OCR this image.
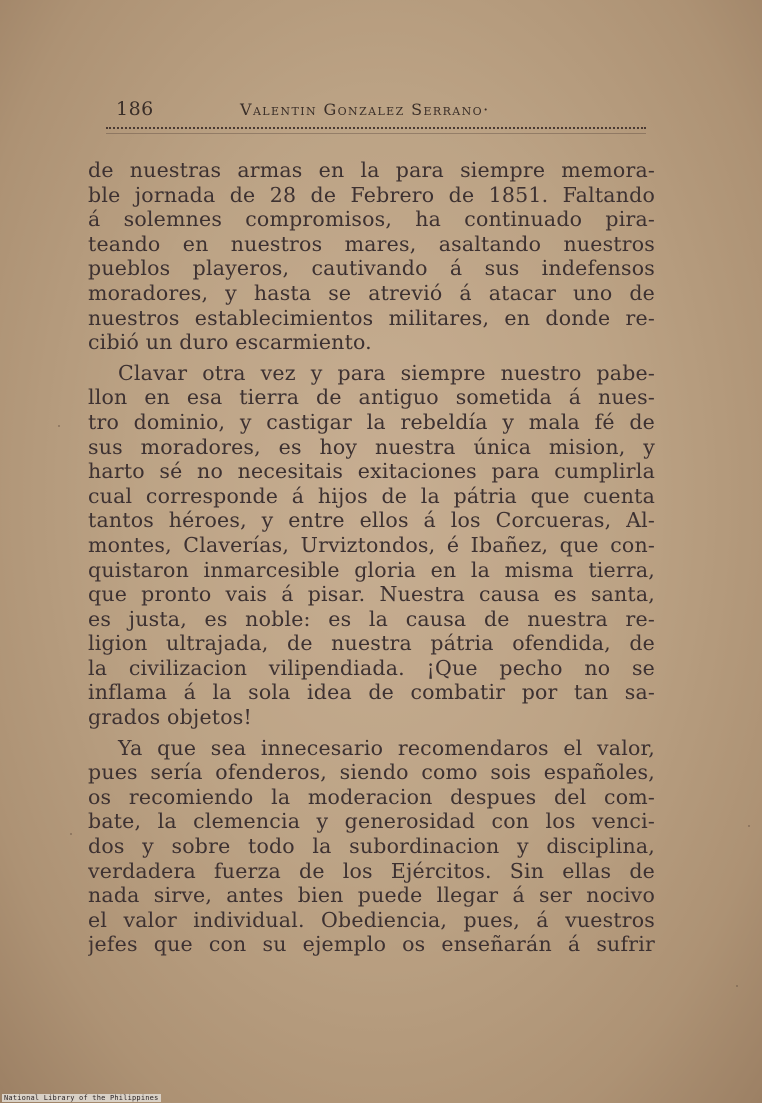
186	Valentin Gonzalez Serrano·
de nuestras armas en la para siempre memora-
ble jornada de 28 de Febrero de 1851. Faltando
á solemnes compromisos, ha continuado pira-
teando en nuestros mares, asaltando nuestros
pueblos playeros, cautivando á sus indefensos
moradores, y hasta se atrevió á atacar uno de
nuestros establecimientos militares, en donde re-
cibió un duro escarmiento.
Clavar otra vez y para siempre nuestro pabe-
llon en esa tierra de antiguo sometida á nues-
tro dominio, y castigar la rebeldía y mala fé de
sus moradores, es hoy nuestra única mision, y
harto sé no necesitais exitaciones para cumplirla
cual corresponde á hijos de la pátria que cuenta
tantos héroes, y entre ellos á los Corcueras, Al-
montes, Claverías, Urviztondos, é Ibañez, que con-
quistaron inmarcesible gloria en la misma tierra,
que pronto vais á pisar. Nuestra causa es santa,
es justa, es noble: es la causa de nuestra re-
ligion ultrajada, de nuestra pátria ofendida, de
la civilizacion vilipendiada. ¡Que pecho no se
inflama á la sola idea de combatir por tan sa-
grados objetos!
Ya que sea innecesario recomendaros el valor,
pues sería ofenderos, siendo como sois españoles,
os recomiendo la moderacion despues del com-
bate, la clemencia y generosidad con los venci-
dos y sobre todo la subordinacion y disciplina,
verdadera fuerza de los Ejércitos. Sin ellas de
nada sirve, antes bien puede llegar á ser nocivo
el valor individual. Obediencia, pues, á vuestros
jefes que con su ejemplo os enseñarán á sufrir
National Library of the Philippines
